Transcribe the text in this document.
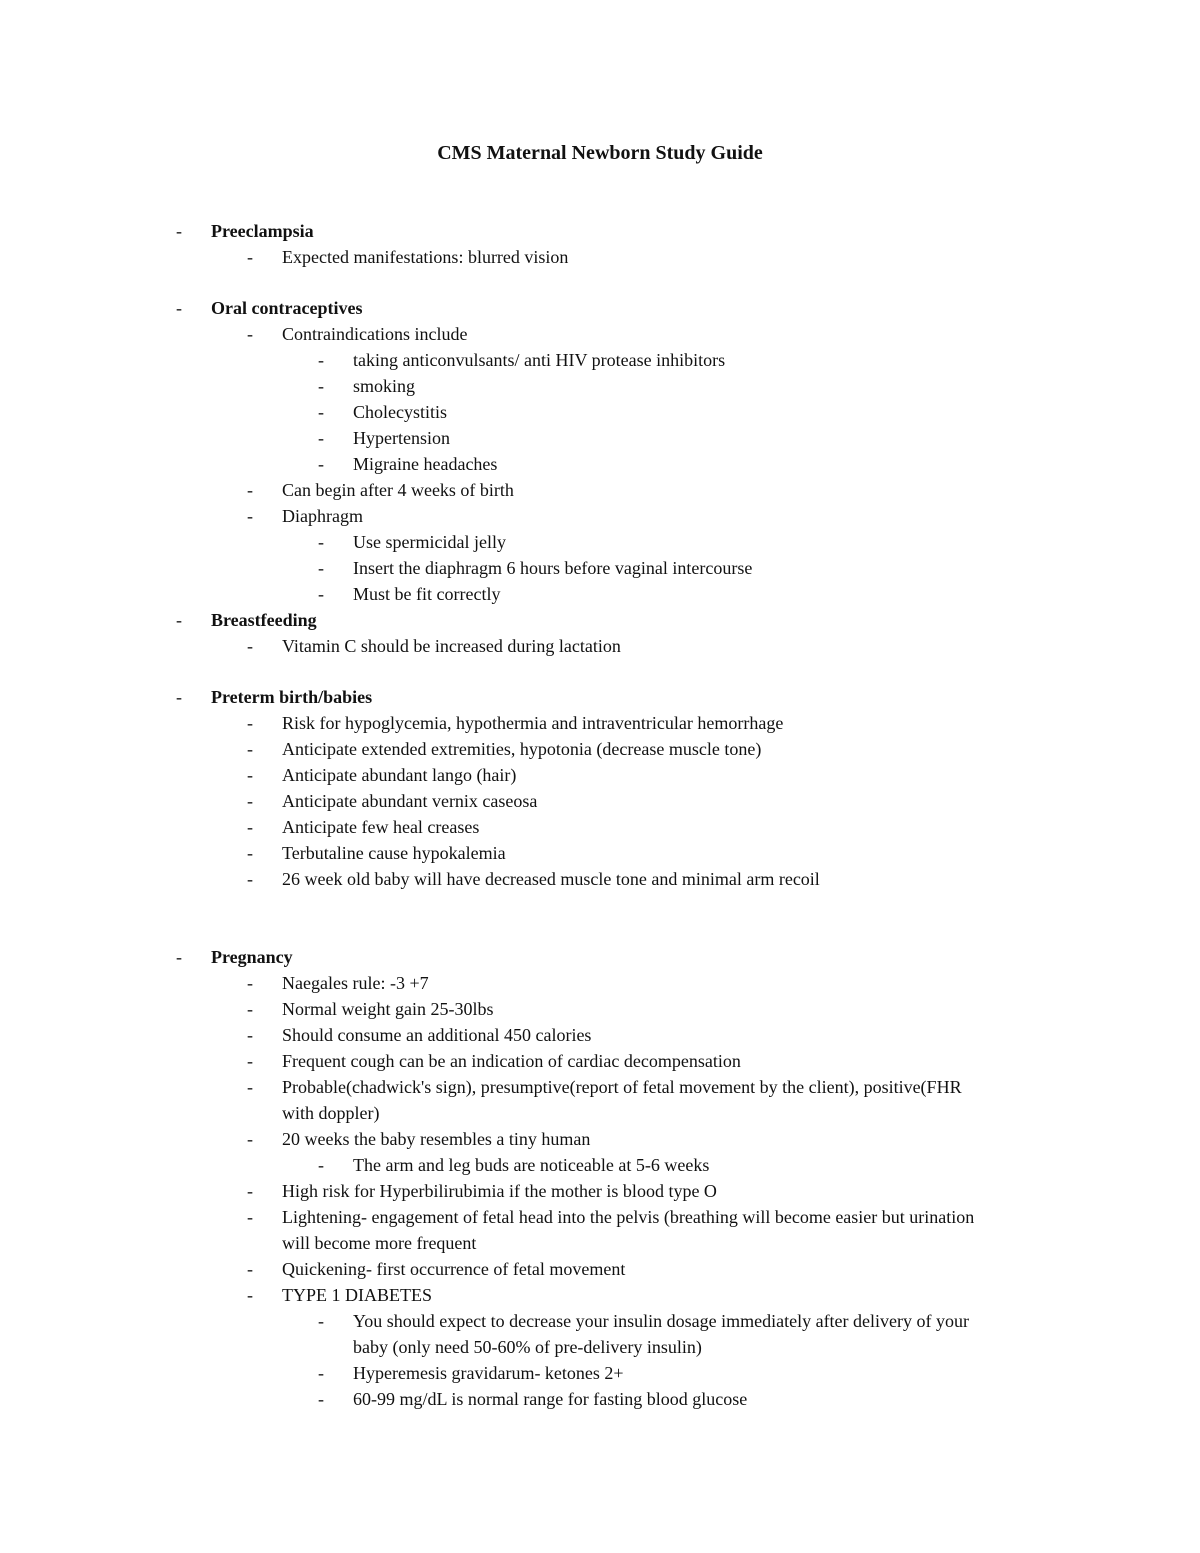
CMS Maternal Newborn Study Guide
-	Preeclampsia
-	Expected manifestations: blurred vision
-	Oral contraceptives
-	Contraindications include
-	taking anticonvulsants/ anti HIV protease inhibitors
-	smoking
-	Cholecystitis
-	Hypertension
-	Migraine headaches
-	Can begin after 4 weeks of birth
-	Diaphragm
-	Use spermicidal jelly
-	Insert the diaphragm 6 hours before vaginal intercourse
-	Must be fit correctly
-	Breastfeeding
-	Vitamin C should be increased during lactation
-	Preterm birth/babies
-	Risk for hypoglycemia, hypothermia and intraventricular hemorrhage
-	Anticipate extended extremities, hypotonia (decrease muscle tone)
-	Anticipate abundant lango (hair)
-	Anticipate abundant vernix caseosa
-	Anticipate few heal creases
-	Terbutaline cause hypokalemia
-	26 week old baby will have decreased muscle tone and minimal arm recoil
-	Pregnancy
-	Naegales rule: -3 +7
-	Normal weight gain 25-30lbs
-	Should consume an additional 450 calories
-	Frequent cough can be an indication of cardiac decompensation
-	Probable(chadwick's sign), presumptive(report of fetal movement by the client), positive(FHR
with doppler)
-	20 weeks the baby resembles a tiny human
-	The arm and leg buds are noticeable at 5-6 weeks
-	High risk for Hyperbilirubimia if the mother is blood type O
-	Lightening- engagement of fetal head into the pelvis (breathing will become easier but urination
will become more frequent
-	Quickening- first occurrence of fetal movement
-	TYPE 1 DIABETES
-	You should expect to decrease your insulin dosage immediately after delivery of your
baby (only need 50-60% of pre-delivery insulin)
-	Hyperemesis gravidarum- ketones 2+
-	60-99 mg/dL is normal range for fasting blood glucose
